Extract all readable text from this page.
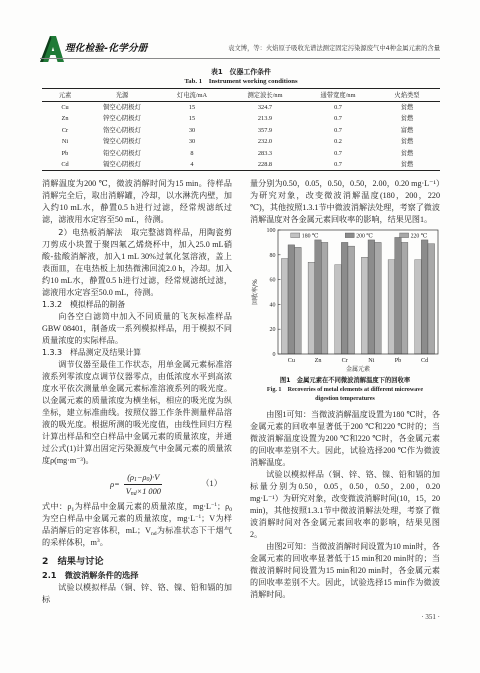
理化检验-化学分册	袁文博，等：火焰原子吸收光谱法测定固定污染源废气中4种金属元素的含量
表1　仪器工作条件
Tab. 1　Instrument working conditions
元素	光源	灯电流/mA	测定波长/nm	通带宽度/nm	火焰类型
Cu	铜空心阴极灯	15	324.7	0.7	贫燃
Zn	锌空心阴极灯	15	213.9	0.7	贫燃
Cr	铬空心阴极灯	30	357.9	0.7	富燃
Ni	镍空心阴极灯	30	232.0	0.2	贫燃
Pb	铅空心阴极灯	8	283.3	0.7	贫燃
Cd	镉空心阴极灯	4	228.8	0.7	贫燃

消解温度为200 ℃，微波消解时间为15 min。待样品消解完全后，取出消解罐，冷却，以水淋洗内壁，加入约10 mL水，静置0.5 h进行过滤，经常规滤纸过滤，滤液用水定容至50 mL，待测。

2）电热板消解法　取完整滤筒样品，用陶瓷剪刀剪成小块置于聚四氟乙烯烧杯中，加入25.0 mL硝酸-盐酸消解液，加入1 mL 30%过氧化氢溶液，盖上表面皿，在电热板上加热微沸回流2.0 h，冷却。加入约10 mL水，静置0.5 h进行过滤，经常规滤纸过滤，滤液用水定容至50.0 mL，待测。

1.3.2　模拟样品的制备

向各空白滤筒中加入不同质量的飞灰标准样品GBW 08401，制备成一系列模拟样品，用于模拟不同质量浓度的实际样品。

1.3.3　样品测定及结果计算

调节仪器至最佳工作状态，用单金属元素标准溶液系列零浓度点调节仪器零点，由低浓度水平到高浓度水平依次测量单金属元素标准溶液系列的吸光度。以金属元素的质量浓度为横坐标，相应的吸光度为纵坐标，建立标准曲线。按照仪器工作条件测量样品溶液的吸光度。根据所测的吸光度值，由线性回归方程计算出样品和空白样品中金属元素的质量浓度，并通过公式(1)计算出固定污染源废气中金属元素的质量浓度ρ(mg·m⁻³)。

$\rho= \frac{(\rho_1-\rho_0)\cdot V}{V_{nd}\times 1 000}$	（1）

式中：$\rho_1$为样品中金属元素的质量浓度，$mg\cdot L^{-1}$；$\rho_0$为空白样品中金属元素的质量浓度，$mg\cdot L^{-1}$；V为样品消解后的定容体积，mL；$V_{nd}$为标准状态下干烟气的采样体积，$m^3$。

2　结果与讨论

2.1　微波消解条件的选择

试验以模拟样品（铜、锌、铬、镍、铅和镉的加标

量分别为0.50，0.05，0.50，0.50，2.00，0.20 mg·L⁻¹）为研究对象，改变微波消解温度(180，200，220 ℃)，其他按照1.3.1节中微波消解法处理，考察了微波消解温度对各金属元素回收率的影响，结果见图1。

Cu	Zn	Cr	Ni	Pb	Cd
0
20
40
60
80
100
180 ℃	200 ℃	220 ℃
回收率/%
金属元素

图1　金属元素在不同微波消解温度下的回收率

Fig. 1　Recoveries of metal elements at different microwave digestion temperatures

由图1可知：当微波消解温度设置为180 ℃时，各金属元素的回收率显著低于200 ℃和220 ℃时的；当微波消解温度设置为200 ℃和220 ℃时，各金属元素的回收率差别不大。因此，试验选择200 ℃作为微波消解温度。

试验以模拟样品（铜、锌、铬、镍、铅和镉的加标量分别为0.50，0.05，0.50，0.50，2.00，0.20 mg·L⁻¹）为研究对象，改变微波消解时间(10，15，20 min)，其他按照1.3.1节中微波消解法处理，考察了微波消解时间对各金属元素回收率的影响，结果见图2。

由图2可知：当微波消解时间设置为10 min时，各金属元素的回收率显著低于15 min和20 min时的；当微波消解时间设置为15 min和20 min时，各金属元素的回收率差别不大。因此，试验选择15 min作为微波消解时间。

· 351 ·
